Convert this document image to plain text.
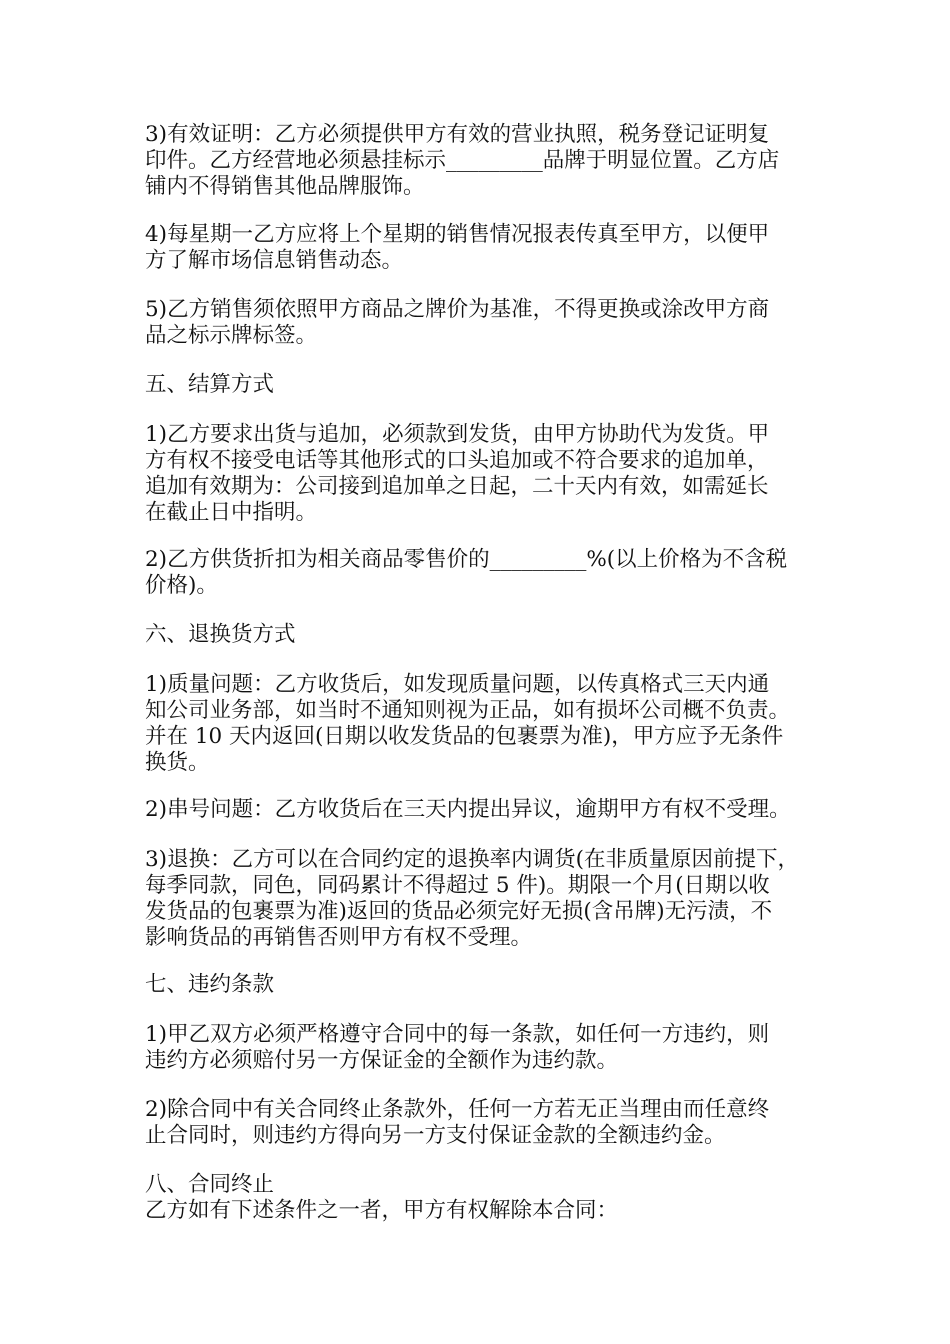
3)有效证明：乙方必须提供甲方有效的营业执照，税务登记证明复
印件。乙方经营地必须悬挂标示_________品牌于明显位置。乙方店
铺内不得销售其他品牌服饰。
4)每星期一乙方应将上个星期的销售情况报表传真至甲方，以便甲
方了解市场信息销售动态。
5)乙方销售须依照甲方商品之牌价为基准，不得更换或涂改甲方商
品之标示牌标签。
五、结算方式
1)乙方要求出货与追加，必须款到发货，由甲方协助代为发货。甲
方有权不接受电话等其他形式的口头追加或不符合要求的追加单，
追加有效期为：公司接到追加单之日起，二十天内有效，如需延长
在截止日中指明。
2)乙方供货折扣为相关商品零售价的_________%(以上价格为不含税
价格)。
六、退换货方式
1)质量问题：乙方收货后，如发现质量问题，以传真格式三天内通
知公司业务部，如当时不通知则视为正品，如有损坏公司概不负责。
并在 10 天内返回(日期以收发货品的包裹票为准)，甲方应予无条件
换货。
2)串号问题：乙方收货后在三天内提出异议，逾期甲方有权不受理。
3)退换：乙方可以在合同约定的退换率内调货(在非质量原因前提下，
每季同款，同色，同码累计不得超过 5 件)。期限一个月(日期以收
发货品的包裹票为准)返回的货品必须完好无损(含吊牌)无污渍，不
影响货品的再销售否则甲方有权不受理。
七、违约条款
1)甲乙双方必须严格遵守合同中的每一条款，如任何一方违约，则
违约方必须赔付另一方保证金的全额作为违约款。
2)除合同中有关合同终止条款外，任何一方若无正当理由而任意终
止合同时，则违约方得向另一方支付保证金款的全额违约金。
八、合同终止
乙方如有下述条件之一者，甲方有权解除本合同：
